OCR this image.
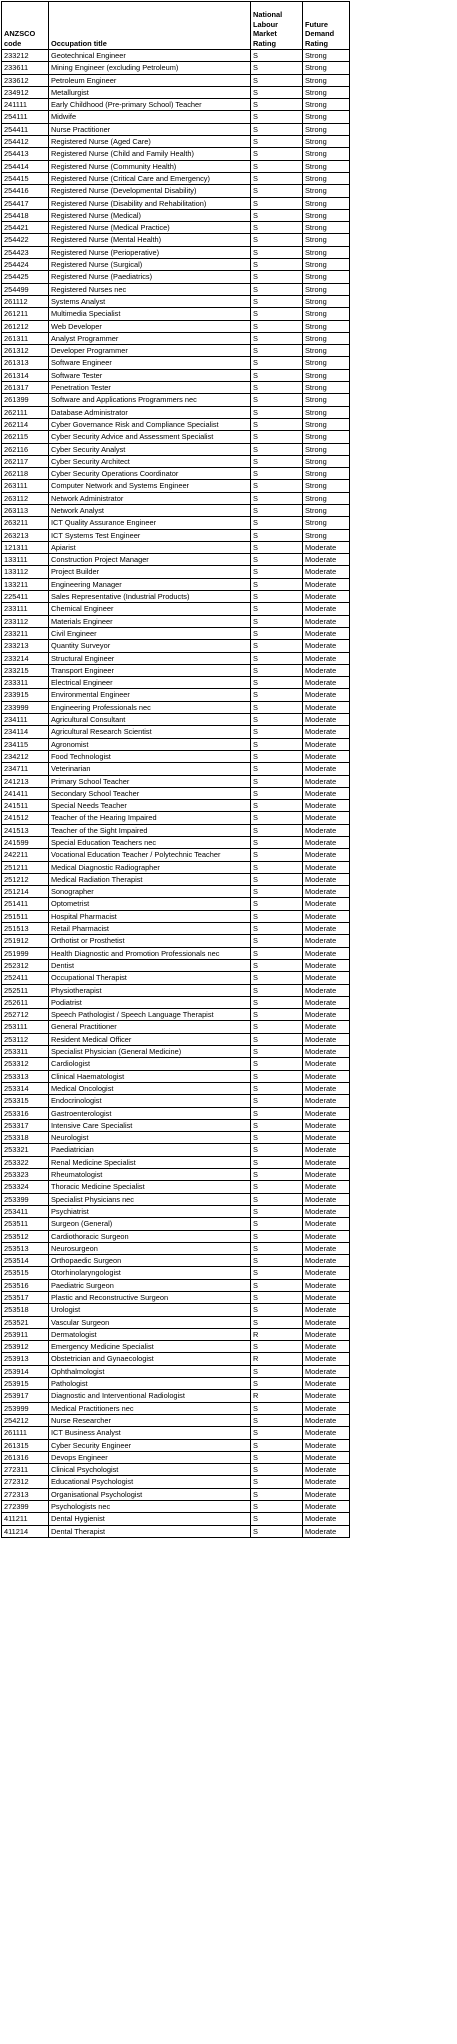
ANZSCO code	Occupation title	National Labour Market Rating	Future Demand Rating
233212	Geotechnical Engineer	S	Strong
233611	Mining Engineer (excluding Petroleum)	S	Strong
233612	Petroleum Engineer	S	Strong
234912	Metallurgist	S	Strong
241111	Early Childhood (Pre-primary School) Teacher	S	Strong
254111	Midwife	S	Strong
254411	Nurse Practitioner	S	Strong
254412	Registered Nurse (Aged Care)	S	Strong
254413	Registered Nurse (Child and Family Health)	S	Strong
254414	Registered Nurse (Community Health)	S	Strong
254415	Registered Nurse (Critical Care and Emergency)	S	Strong
254416	Registered Nurse (Developmental Disability)	S	Strong
254417	Registered Nurse (Disability and Rehabilitation)	S	Strong
254418	Registered Nurse (Medical)	S	Strong
254421	Registered Nurse (Medical Practice)	S	Strong
254422	Registered Nurse (Mental Health)	S	Strong
254423	Registered Nurse (Perioperative)	S	Strong
254424	Registered Nurse (Surgical)	S	Strong
254425	Registered Nurse (Paediatrics)	S	Strong
254499	Registered Nurses nec	S	Strong
261112	Systems Analyst	S	Strong
261211	Multimedia Specialist	S	Strong
261212	Web Developer	S	Strong
261311	Analyst Programmer	S	Strong
261312	Developer Programmer	S	Strong
261313	Software Engineer	S	Strong
261314	Software Tester	S	Strong
261317	Penetration Tester	S	Strong
261399	Software and Applications Programmers nec	S	Strong
262111	Database Administrator	S	Strong
262114	Cyber Governance Risk and Compliance Specialist	S	Strong
262115	Cyber Security Advice and Assessment Specialist	S	Strong
262116	Cyber Security Analyst	S	Strong
262117	Cyber Security Architect	S	Strong
262118	Cyber Security Operations Coordinator	S	Strong
263111	Computer Network and Systems Engineer	S	Strong
263112	Network Administrator	S	Strong
263113	Network Analyst	S	Strong
263211	ICT Quality Assurance Engineer	S	Strong
263213	ICT Systems Test Engineer	S	Strong
121311	Apiarist	S	Moderate
133111	Construction Project Manager	S	Moderate
133112	Project Builder	S	Moderate
133211	Engineering Manager	S	Moderate
225411	Sales Representative (Industrial Products)	S	Moderate
233111	Chemical Engineer	S	Moderate
233112	Materials Engineer	S	Moderate
233211	Civil Engineer	S	Moderate
233213	Quantity Surveyor	S	Moderate
233214	Structural Engineer	S	Moderate
233215	Transport Engineer	S	Moderate
233311	Electrical Engineer	S	Moderate
233915	Environmental Engineer	S	Moderate
233999	Engineering Professionals nec	S	Moderate
234111	Agricultural Consultant	S	Moderate
234114	Agricultural Research Scientist	S	Moderate
234115	Agronomist	S	Moderate
234212	Food Technologist	S	Moderate
234711	Veterinarian	S	Moderate
241213	Primary School Teacher	S	Moderate
241411	Secondary School Teacher	S	Moderate
241511	Special Needs Teacher	S	Moderate
241512	Teacher of the Hearing Impaired	S	Moderate
241513	Teacher of the Sight Impaired	S	Moderate
241599	Special Education Teachers nec	S	Moderate
242211	Vocational Education Teacher / Polytechnic Teacher	S	Moderate
251211	Medical Diagnostic Radiographer	S	Moderate
251212	Medical Radiation Therapist	S	Moderate
251214	Sonographer	S	Moderate
251411	Optometrist	S	Moderate
251511	Hospital Pharmacist	S	Moderate
251513	Retail Pharmacist	S	Moderate
251912	Orthotist or Prosthetist	S	Moderate
251999	Health Diagnostic and Promotion Professionals nec	S	Moderate
252312	Dentist	S	Moderate
252411	Occupational Therapist	S	Moderate
252511	Physiotherapist	S	Moderate
252611	Podiatrist	S	Moderate
252712	Speech Pathologist / Speech Language Therapist	S	Moderate
253111	General Practitioner	S	Moderate
253112	Resident Medical Officer	S	Moderate
253311	Specialist Physician (General Medicine)	S	Moderate
253312	Cardiologist	S	Moderate
253313	Clinical Haematologist	S	Moderate
253314	Medical Oncologist	S	Moderate
253315	Endocrinologist	S	Moderate
253316	Gastroenterologist	S	Moderate
253317	Intensive Care Specialist	S	Moderate
253318	Neurologist	S	Moderate
253321	Paediatrician	S	Moderate
253322	Renal Medicine Specialist	S	Moderate
253323	Rheumatologist	S	Moderate
253324	Thoracic Medicine Specialist	S	Moderate
253399	Specialist Physicians nec	S	Moderate
253411	Psychiatrist	S	Moderate
253511	Surgeon (General)	S	Moderate
253512	Cardiothoracic Surgeon	S	Moderate
253513	Neurosurgeon	S	Moderate
253514	Orthopaedic Surgeon	S	Moderate
253515	Otorhinolaryngologist	S	Moderate
253516	Paediatric Surgeon	S	Moderate
253517	Plastic and Reconstructive Surgeon	S	Moderate
253518	Urologist	S	Moderate
253521	Vascular Surgeon	S	Moderate
253911	Dermatologist	R	Moderate
253912	Emergency Medicine Specialist	S	Moderate
253913	Obstetrician and Gynaecologist	R	Moderate
253914	Ophthalmologist	S	Moderate
253915	Pathologist	S	Moderate
253917	Diagnostic and Interventional Radiologist	R	Moderate
253999	Medical Practitioners nec	S	Moderate
254212	Nurse Researcher	S	Moderate
261111	ICT Business Analyst	S	Moderate
261315	Cyber Security Engineer	S	Moderate
261316	Devops Engineer	S	Moderate
272311	Clinical Psychologist	S	Moderate
272312	Educational Psychologist	S	Moderate
272313	Organisational Psychologist	S	Moderate
272399	Psychologists nec	S	Moderate
411211	Dental Hygienist	S	Moderate
411214	Dental Therapist	S	Moderate
